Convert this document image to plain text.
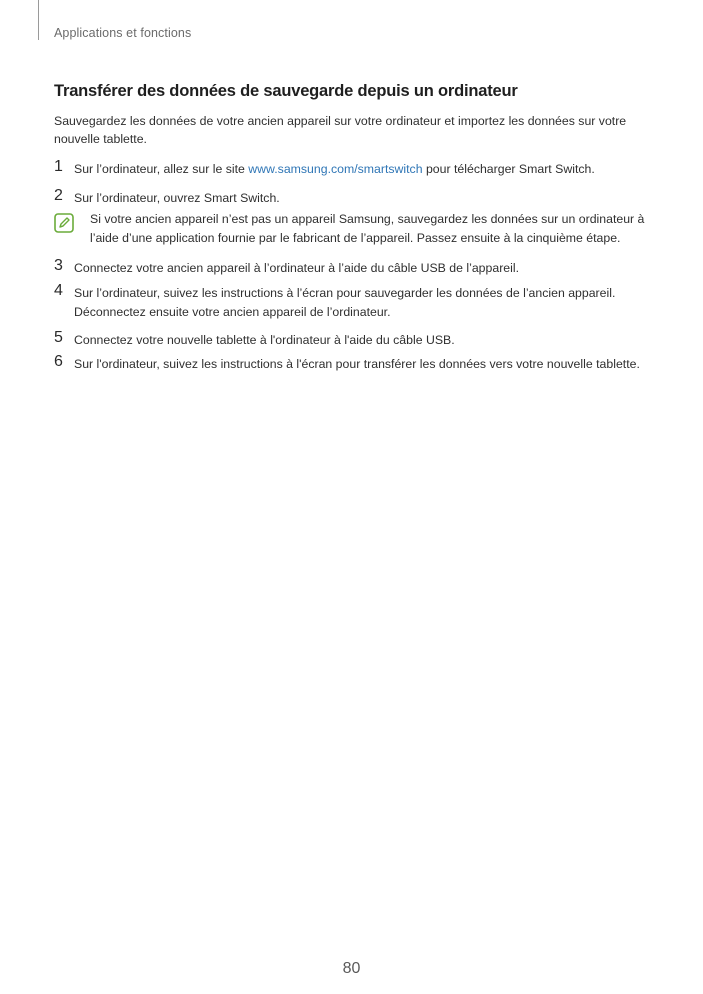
Applications et fonctions
Transférer des données de sauvegarde depuis un ordinateur
Sauvegardez les données de votre ancien appareil sur votre ordinateur et importez les données sur votre nouvelle tablette.
1 Sur l’ordinateur, allez sur le site www.samsung.com/smartswitch pour télécharger Smart Switch.
2 Sur l’ordinateur, ouvrez Smart Switch.
Si votre ancien appareil n’est pas un appareil Samsung, sauvegardez les données sur un ordinateur à l’aide d’une application fournie par le fabricant de l’appareil. Passez ensuite à la cinquième étape.
3 Connectez votre ancien appareil à l’ordinateur à l’aide du câble USB de l’appareil.
4 Sur l’ordinateur, suivez les instructions à l’écran pour sauvegarder les données de l’ancien appareil. Déconnectez ensuite votre ancien appareil de l’ordinateur.
5 Connectez votre nouvelle tablette à l'ordinateur à l'aide du câble USB.
6 Sur l'ordinateur, suivez les instructions à l'écran pour transférer les données vers votre nouvelle tablette.
80
